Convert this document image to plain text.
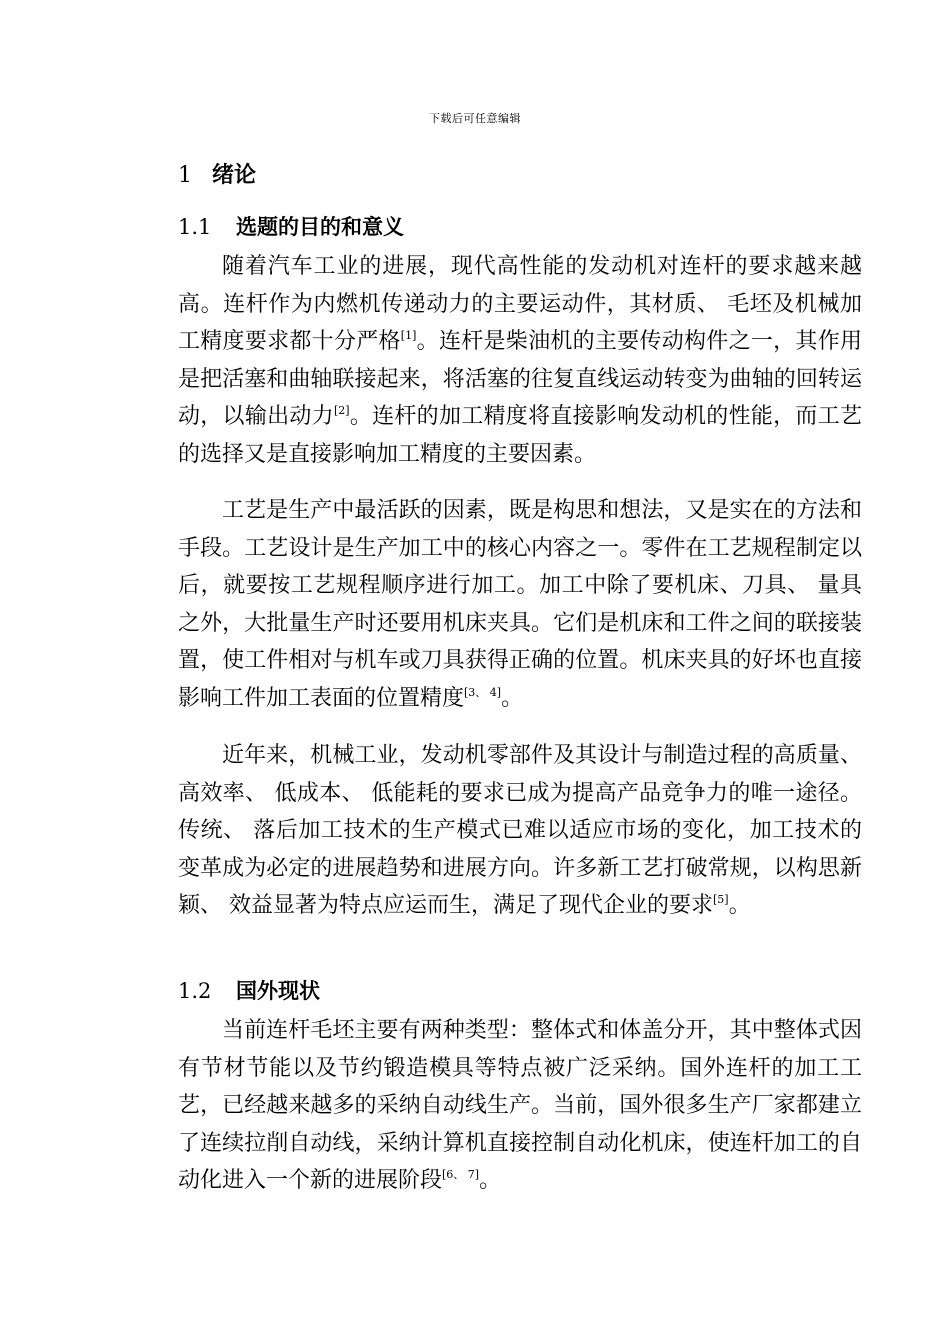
下载后可任意编辑
1 绪论
1.1 选题的目的和意义

随着汽车工业的进展，现代高性能的发动机对连杆的要求越来越高。连杆作为内燃机传递动力的主要运动件，其材质、 毛坯及机械加工精度要求都十分严格[1]。连杆是柴油机的主要传动构件之一，其作用是把活塞和曲轴联接起来，将活塞的往复直线运动转变为曲轴的回转运动，以输出动力[2]。连杆的加工精度将直接影响发动机的性能，而工艺的选择又是直接影响加工精度的主要因素。

工艺是生产中最活跃的因素，既是构思和想法，又是实在的方法和手段。工艺设计是生产加工中的核心内容之一。零件在工艺规程制定以后，就要按工艺规程顺序进行加工。加工中除了要机床、刀具、 量具之外，大批量生产时还要用机床夹具。它们是机床和工件之间的联接装置，使工件相对与机车或刀具获得正确的位置。机床夹具的好坏也直接影响工件加工表面的位置精度[3、 4]。

近年来，机械工业，发动机零部件及其设计与制造过程的高质量、 高效率、 低成本、 低能耗的要求已成为提高产品竞争力的唯一途径。传统、 落后加工技术的生产模式已难以适应市场的变化，加工技术的变革成为必定的进展趋势和进展方向。许多新工艺打破常规，以构思新颖、 效益显著为特点应运而生，满足了现代企业的要求[5]。

1.2 国外现状

当前连杆毛坯主要有两种类型：整体式和体盖分开，其中整体式因有节材节能以及节约锻造模具等特点被广泛采纳。国外连杆的加工工艺，已经越来越多的采纳自动线生产。当前，国外很多生产厂家都建立了连续拉削自动线，采纳计算机直接控制自动化机床，使连杆加工的自动化进入一个新的进展阶段[6、 7]。
